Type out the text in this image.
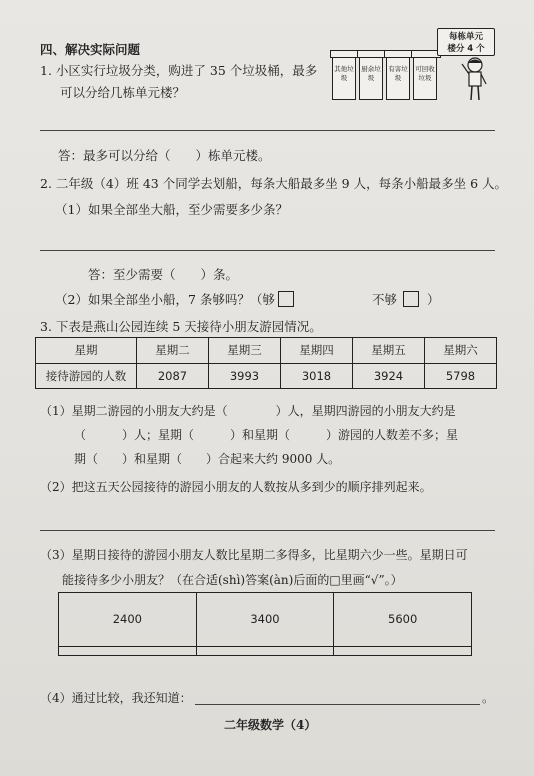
四、解决实际问题
1. 小区实行垃圾分类，购进了 35 个垃圾桶，最多
可以分给几栋单元楼？
其他垃圾
厨余垃圾
有害垃圾
可回收垃圾
每栋单元
楼分 4 个
答：最多可以分给（　　）栋单元楼。
2. 二年级（4）班 43 个同学去划船，每条大船最多坐 9 人，每条小船最多坐 6 人。
（1）如果全部坐大船，至少需要多少条？
答：至少需要（　　）条。
（2）如果全部坐小船，7 条够吗？（够	不够 ）
3. 下表是燕山公园连续 5 天接待小朋友游园情况。
星期	星期二	星期三	星期四	星期五	星期六
接待游园的人数	2087	3993	3018	3924	5798
（1）星期二游园的小朋友大约是（　　　　）人，星期四游园的小朋友大约是
（　　　）人；星期（　　　）和星期（　　　）游园的人数差不多；星
期（　　）和星期（　　）合起来大约 9000 人。
（2）把这五天公园接待的游园小朋友的人数按从多到少的顺序排列起来。
（3）星期日接待的游园小朋友人数比星期二多得多，比星期六少一些。星期日可
能接待多少小朋友？（在合适(shì)答案(àn)后面的□里画“√”。）
2400	3400	5600

（4）通过比较，我还知道：	。
二年级数学（4）
